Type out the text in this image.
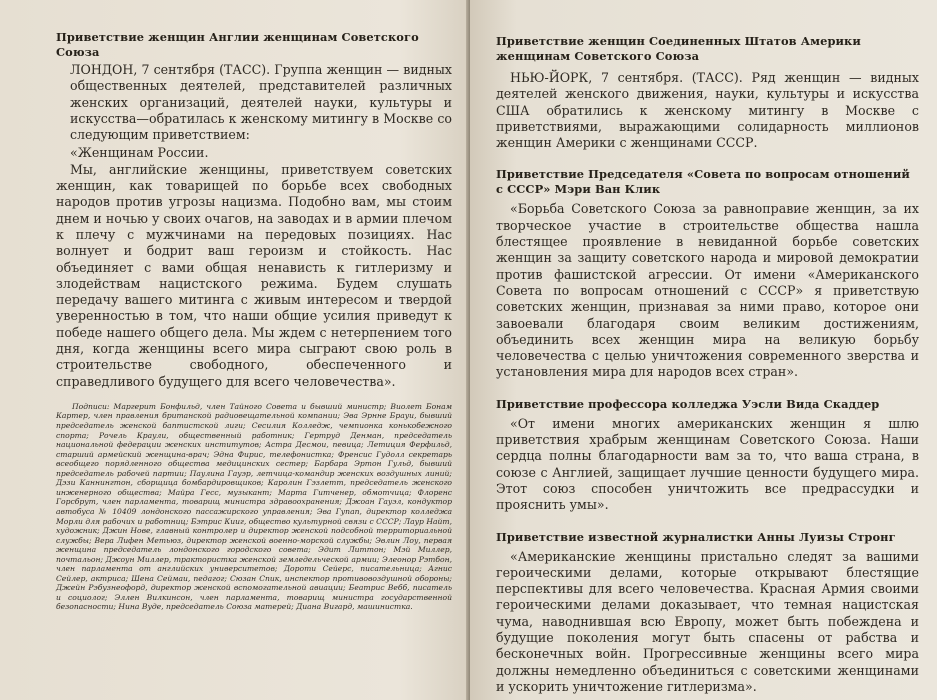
Приветствие женщин Англии женщинам Советского Союза

ЛОНДОН, 7 сентября (ТАСС). Группа женщин — видных общественных деятелей, представителей различных женских организаций, деятелей науки, культуры и искусства—обратилась к женскому митингу в Москве со следующим приветствием:

«Женщинам России.

Мы, английские женщины, приветствуем советских женщин, как товарищей по борьбе всех свободных народов против угрозы нацизма. Подобно вам, мы стоим днем и ночью у своих очагов, на заводах и в армии плечом к плечу с мужчинами на передовых позициях. Нас волнует и бодрит ваш героизм и стойкость. Нас объединяет с вами общая ненависть к гитлеризму и злодействам нацистского режима. Будем слушать передачу вашего митинга с живым интересом и твердой уверенностью в том, что наши общие усилия приведут к победе нашего общего дела. Мы ждем с нетерпением того дня, когда женщины всего мира сыграют свою роль в строительстве свободного, обеспеченного и справедливого будущего для всего человечества».

Подписи: Маргерит Бонфильд, член Тайного Совета и бывший министр; Виолет Бонам Картер, член правления британской радиовещательной компании; Эва Эрнне Брауи, бывший председатель женской баптистской лиги; Сесилия Колледж, чемпионка конькобежного спорта; Рочель Краули, общественный работник; Гертруд Денман, председатель национальной федерации женских институтов; Астра Десмои, певица; Летиция Ферфильд, старший армейский женщина-врач; Эдна Фирис, телефонистка; Френсис Гудолл секретарь всеобщего порядленного общества медицинских сестер; Барбара Эртон Гульд, бывший председатель рабочей партии; Паулина Гауэр, летчица-командир женских воздушных линий; Дэзи Каннингтон, сборщица бомбардировщиков; Каролин Гэзлетт, председатель женского инженерного общества; Майра Гесс, музыкант; Марта Гитченер, обмотчица; Флоренс Горсбрут, член парламента, товарищ министра здравоохранения; Джоан Гауэл, кондуктор автобуса № 10409 лондонского пассажирского управления; Эва Гупап, директор колледжа Морли для рабочих и работниц; Бэтрис Кииг, общество культурной связи с СССР; Лаур Найт, художник; Джин Нове, главный контролер и директор женской подсобной территориальной службы; Вера Лифен Метьюз, директор женской военно-морской службы; Эвлин Лоу, первая женщина председатель лондонского городского совета; Эдит Литтон; Мэй Миллер, почтальон; Джоун Миллер, трактористка женской земледельческой армии; Элеонор Рэтбон, член парламента от английских университетов; Дороти Сейерс, писательница; Агнис Сейлер, актриса; Шена Сеймаи, педагог; Сюзан Спик, инспектор противовоздушной обороны; Джейн Рэбузнеофорд, директор женской вспомогательной авиации; Беатрис Вебб, писатель и социолог; Эллен Вилкинсон, член парламента, товарищ министра государственной безопасности; Нина Вуде, председатель Союза матерей; Диана Вигард, машинистка.
Приветствие женщин Соединенных Штатов Америки женщинам Советского Союза

НЬЮ-ЙОРК, 7 сентября. (ТАСС). Ряд женщин — видных деятелей женского движения, науки, культуры и искусства США обратились к женскому митингу в Москве с приветствиями, выражающими солидарность миллионов женщин Америки с женщинами СССР.

Приветствие Председателя «Совета по вопросам отношений с СССР» Мэри Ван Клик

«Борьба Советского Союза за равноправие женщин, за их творческое участие в строительстве общества нашла блестящее проявление в невиданной борьбе советских женщин за защиту советского народа и мировой демократии против фашистской агрессии. От имени «Американского Совета по вопросам отношений с СССР» я приветствую советских женщин, признавая за ними право, которое они завоевали благодаря своим великим достижениям, объединить всех женщин мира на великую борьбу человечества с целью уничтожения современного зверства и установления мира для народов всех стран».

Приветствие профессора колледжа Уэсли Вида Скаддер

«От имени многих американских женщин я шлю приветствия храбрым женщинам Советского Союза. Наши сердца полны благодарности вам за то, что ваша страна, в союзе с Англией, защищает лучшие ценности будущего мира. Этот союз способен уничтожить все предрассудки и прояснить умы».

Приветствие известной журналистки Анны Луизы Стронг

«Американские женщины пристально следят за вашими героическими делами, которые открывают блестящие перспективы для всего человечества. Красная Армия своими героическими делами доказывает, что темная нацистская чума, наводнившая всю Европу, может быть побеждена и будущие поколения могут быть спасены от рабства и бесконечных войн. Прогрессивные женщины всего мира должны немедленно объединиться с советскими женщинами и ускорить уничтожение гитлеризма».
